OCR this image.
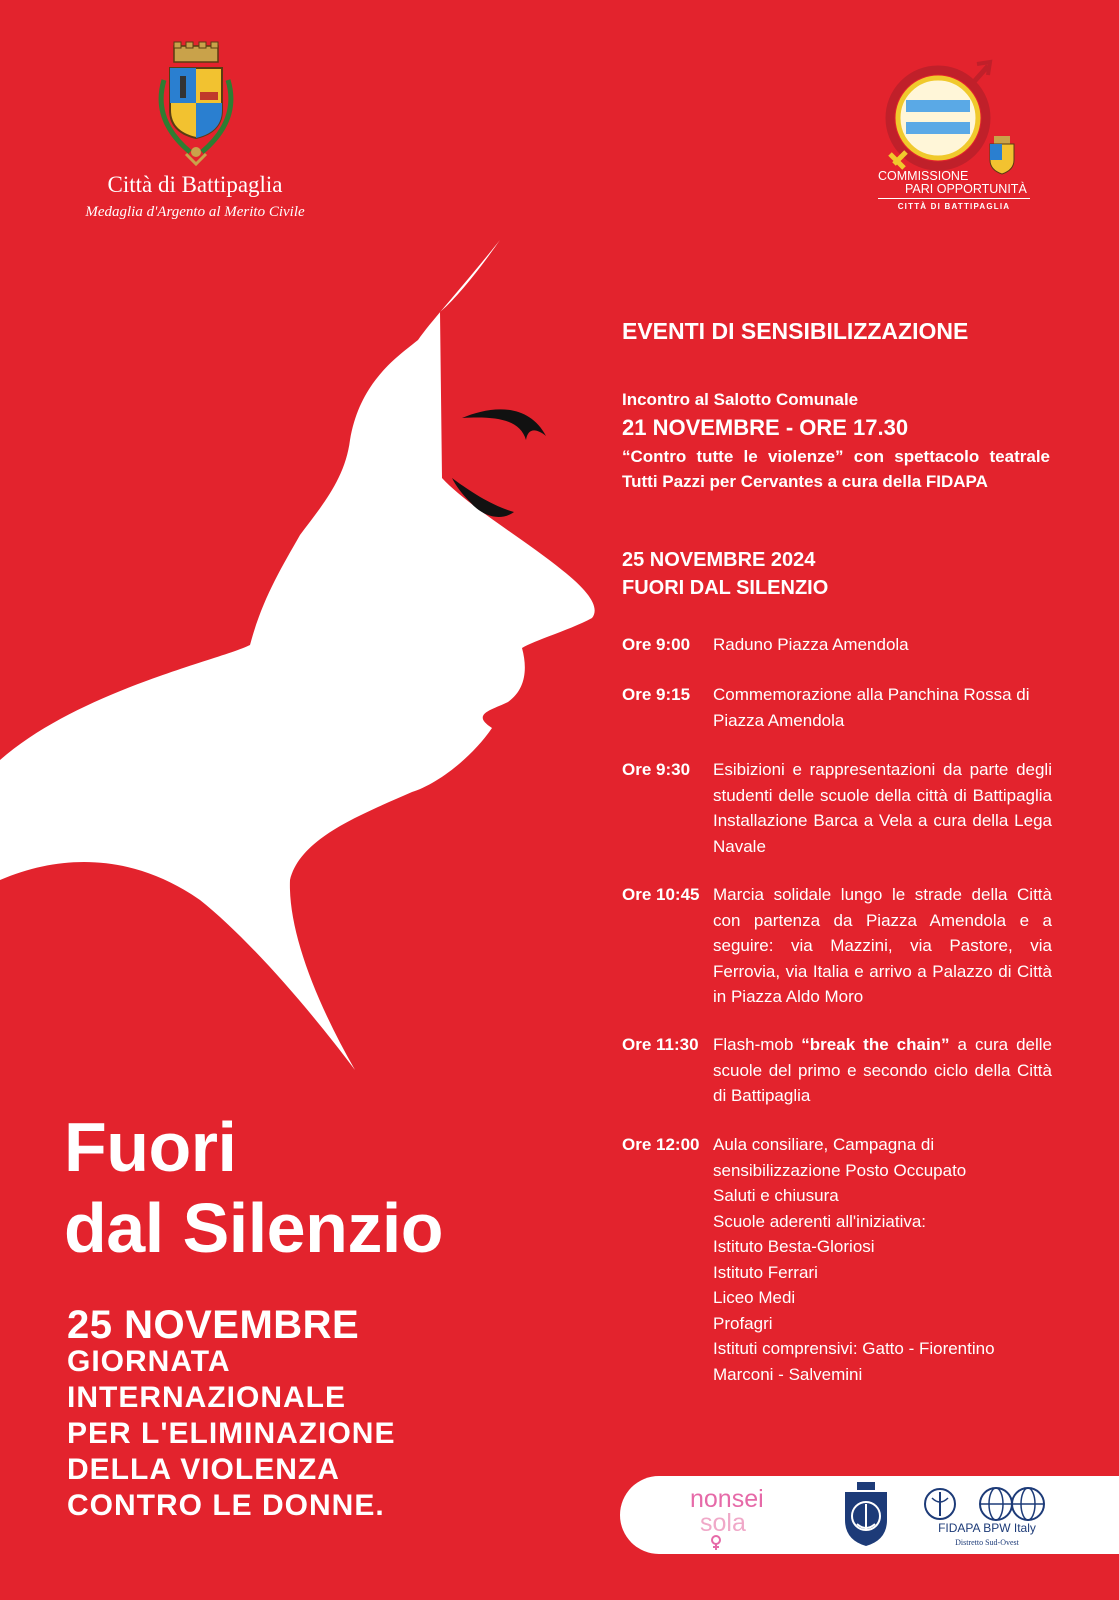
Città di Battipaglia
Medaglia d'Argento al Merito Civile
COMMISSIONE
PARI OPPORTUNITÀ
CITTÀ DI BATTIPAGLIA
Fuori
dal Silenzio
25 NOVEMBRE
GIORNATA
INTERNAZIONALE
PER L'ELIMINAZIONE
DELLA VIOLENZA
CONTRO LE DONNE.
EVENTI DI SENSIBILIZZAZIONE
Incontro al Salotto Comunale
21 NOVEMBRE - ORE 17.30
“Contro tutte le violenze” con spettacolo teatrale Tutti Pazzi per Cervantes a cura della FIDAPA
25 NOVEMBRE 2024
FUORI DAL SILENZIO
Ore 9:00	Raduno Piazza Amendola
Ore 9:15	Commemorazione alla Panchina Rossa di Piazza Amendola
Ore 9:30	Esibizioni e rappresentazioni da parte degli studenti delle scuole della città di Battipaglia Installazione Barca a Vela a cura della Lega Navale
Ore 10:45 Marcia solidale lungo le strade della Città con partenza da Piazza Amendola e a seguire: via Mazzini, via Pastore, via Ferrovia, via Italia e arrivo a Palazzo di Città in Piazza Aldo Moro
Ore 11:30 Flash-mob “break the chain” a cura delle scuole del primo e secondo ciclo della Città di Battipaglia
Ore 12:00 Aula consiliare, Campagna di
sensibilizzazione Posto Occupato
Saluti e chiusura
Scuole aderenti all'iniziativa:
Istituto Besta-Gloriosi
Istituto Ferrari
Liceo Medi
Profagri
Istituti comprensivi: Gatto - Fiorentino
Marconi - Salvemini
nonsei
sola	FIDAPA BPW Italy
Distretto Sud-Ovest
